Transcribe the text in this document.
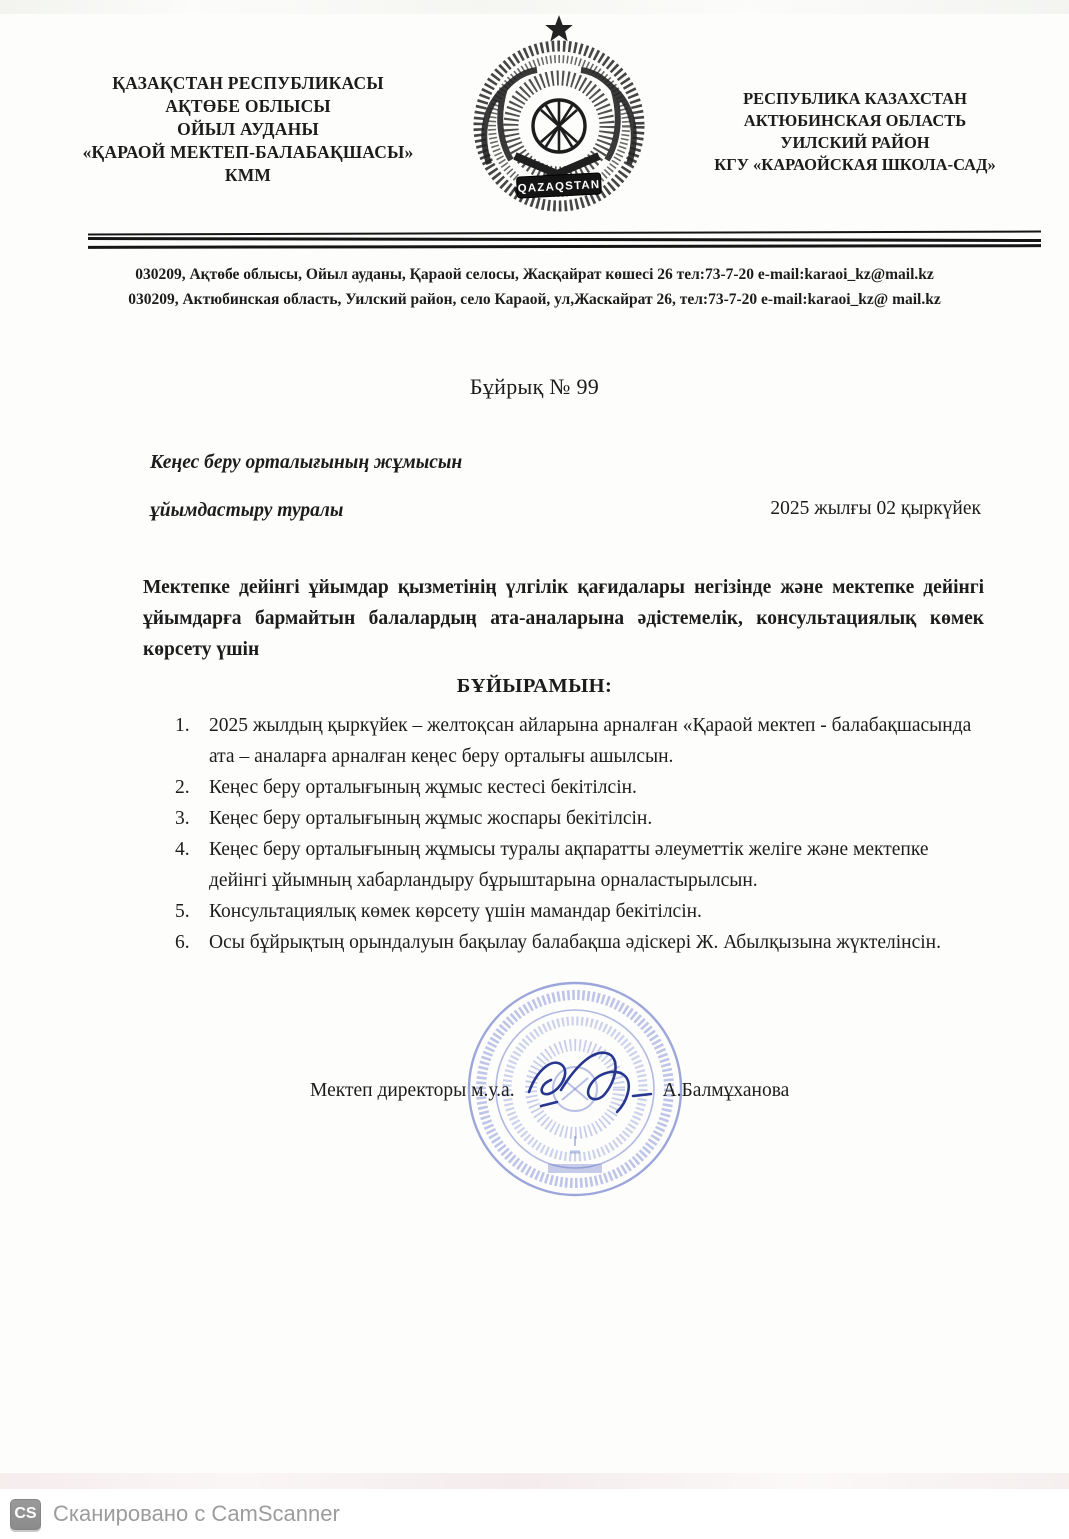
ҚАЗАҚСТАН РЕСПУБЛИКАСЫ
АҚТӨБЕ ОБЛЫСЫ
ОЙЫЛ АУДАНЫ
«ҚАРАОЙ МЕКТЕП-БАЛАБАҚШАСЫ»
КММ
QAZAQSTAN
РЕСПУБЛИКА КАЗАХСТАН
АКТЮБИНСКАЯ ОБЛАСТЬ
УИЛСКИЙ РАЙОН
КГУ «КАРАОЙСКАЯ ШКОЛА-САД»
030209, Ақтөбе облысы, Ойыл ауданы, Қараой селосы, Жасқайрат көшесі 26 тел:73-7-20 e-mail:karaoi_kz@mail.kz
030209, Актюбинская область, Уилский район, село Караой, ул,Жаскайрат 26, тел:73-7-20 e-mail:karaoi_kz@ mail.kz
Бұйрық № 99
Кеңес беру орталығының жұмысын
ұйымдастыру туралы	2025 жылғы 02 қыркүйек
Мектепке дейінгі ұйымдар қызметінің үлгілік қағидалары негізінде және мектепке дейінгі ұйымдарға бармайтын балалардың ата-аналарына әдістемелік, консультациялық көмек көрсету үшін
БҰЙЫРАМЫН:
1. 2025 жылдың қыркүйек – желтоқсан айларына арналған «Қараой мектеп - балабақшасында ата – аналарға арналған кеңес беру орталығы ашылсын.
2. Кеңес беру орталығының жұмыс кестесі бекітілсін.
3. Кеңес беру орталығының жұмыс жоспары бекітілсін.
4. Кеңес беру орталығының жұмысы туралы ақпаратты әлеуметтік желіге және мектепке дейінгі ұйымның хабарландыру бұрыштарына орналастырылсын.
5. Консультациялық көмек көрсету үшін мамандар бекітілсін.
6. Осы бұйрықтың орындалуын бақылау балабақша әдіскері Ж. Абылқызына жүктелінсін.
Мектеп директоры м.у.а.	А.Балмұханова
CS Сканировано с CamScanner
